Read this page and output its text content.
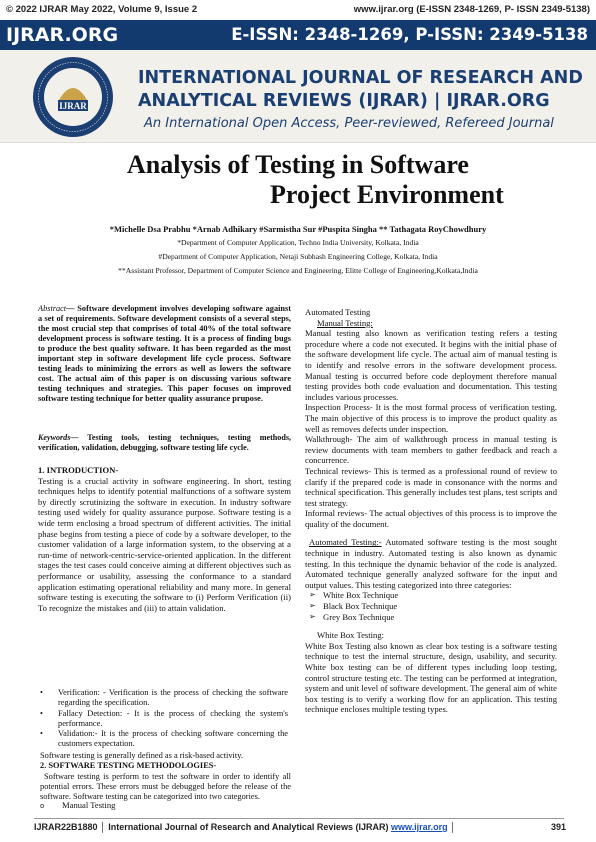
© 2022 IJRAR May 2022, Volume 9, Issue 2	www.ijrar.org (E-ISSN 2348-1269, P- ISSN 2349-5138)
IJRAR.ORG	E-ISSN: 2348-1269, P-ISSN: 2349-5138
IJRAR
INTERNATIONAL JOURNAL OF RESEARCH AND
ANALYTICAL REVIEWS (IJRAR) | IJRAR.ORG
An International Open Access, Peer-reviewed, Refereed Journal
Analysis of Testing in Software
Project Environment
*Michelle Dsa Prabhu *Arnab Adhikary #Sarmistha Sur #Puspita Singha ** Tathagata RoyChowdhury
*Department of Computer Application, Techno India University, Kolkata, India
#Department of Computer Application, Netaji Subhash Engineering College, Kolkata, India
**Assistant Professor, Department of Computer Science and Engineering, Elitte College of Engineering,Kolkata,India

Abstract— Software development involves developing software against a set of requirements. Software development consists of a several steps, the most crucial step that comprises of total 40% of the total software development process is software testing. It is a process of finding bugs to produce the best quality software. It has been regarded as the most important step in software development life cycle process. Software testing leads to minimizing the errors as well as lowers the software cost. The actual aim of this paper is on discussing various software testing techniques and strategies. This paper focuses on improved software testing technique for better quality assurance prupose.

Keywords— Testing tools, testing techniques, testing methods, verification, validation, debugging, software testing life cycle.

1. INTRODUCTION-

Testing is a crucial activity in software engineering. In short, testing techniques helps to identify potential malfunctions of a software system by directly scrutinizing the software in execution. In industry software testing used widely for quality assurance purpose. Software testing is a wide term enclosing a broad spectrum of different activities. The initial phase begins from testing a piece of code by a software developer, to the customer validation of a large information system, to the observing at a run-time of network-centric-service-oriented application. In the different stages the test cases could conceive aiming at different objectives such as performance or usability, assessing the conformance to a standard application estimating operational reliability and many more. In general software testing is executing the software to (i) Perform Verification (ii) To recognize the mistakes and (iii) to attain validation.

• Verification: - Verification is the process of checking the software regarding the specification.
• Fallacy Detection: - It is the process of checking the system's performance.
• Validation:- It is the process of checking software concerning the customers expectation.

Software testing is generally defined as a risk-based activity.

2. SOFTWARE TESTING METHODOLOGIES-

Software testing is perform to test the software in order to identify all potential errors. These errors must be debugged before the release of the software. Software testing can be categorized into two categories.

o Manual Testing

Automated Testing

Manual Testing:

Manual testing also known as verification testing refers a testing procedure where a code not executed. It begins with the initial phase of the software development life cycle. The actual aim of manual testing is to identify and resolve errors in the software development process. Manual testing is occurred before code deployment therefore manual testing provides both code evaluation and documentation. This testing includes various processes.

Inspection Process- It is the most formal process of verification testing. The main objective of this process is to improve the product quality as well as removes defects under inspection.

Walkthrough- The aim of walkthrough process in manual testing is review documents with team members to gather feedback and reach a concurrence.

Technical reviews- This is termed as a professional round of review to clarify if the prepared code is made in consonance with the norms and technical specification. This generally includes test plans, test scripts and test strategy.

Informal reviews- The actual objectives of this process is to improve the quality of the document.

Automated Testing:- Automated software testing is the most sought technique in industry. Automated testing is also known as dynamic testing. In this technique the dynamic behavior of the code is analyzed. Automated technique generally analyzed software for the input and output values. This testing categorized into three categories:

➢ White Box Technique
➢ Black Box Technique
➢ Grey Box Technique

White Box Testing:

White Box Testing also known as clear box testing is a software testing technique to test the internal structure, design, usability, and security. White box testing can be of different types including loop testing, control structure testing etc. The testing can be performed at integration, system and unit level of software development. The general aim of white box testing is to verify a working flow for an application. This testing technique encloses multiple testing types.

IJRAR22B1880 │ International Journal of Research and Analytical Reviews (IJRAR) www.ijrar.org │	391
